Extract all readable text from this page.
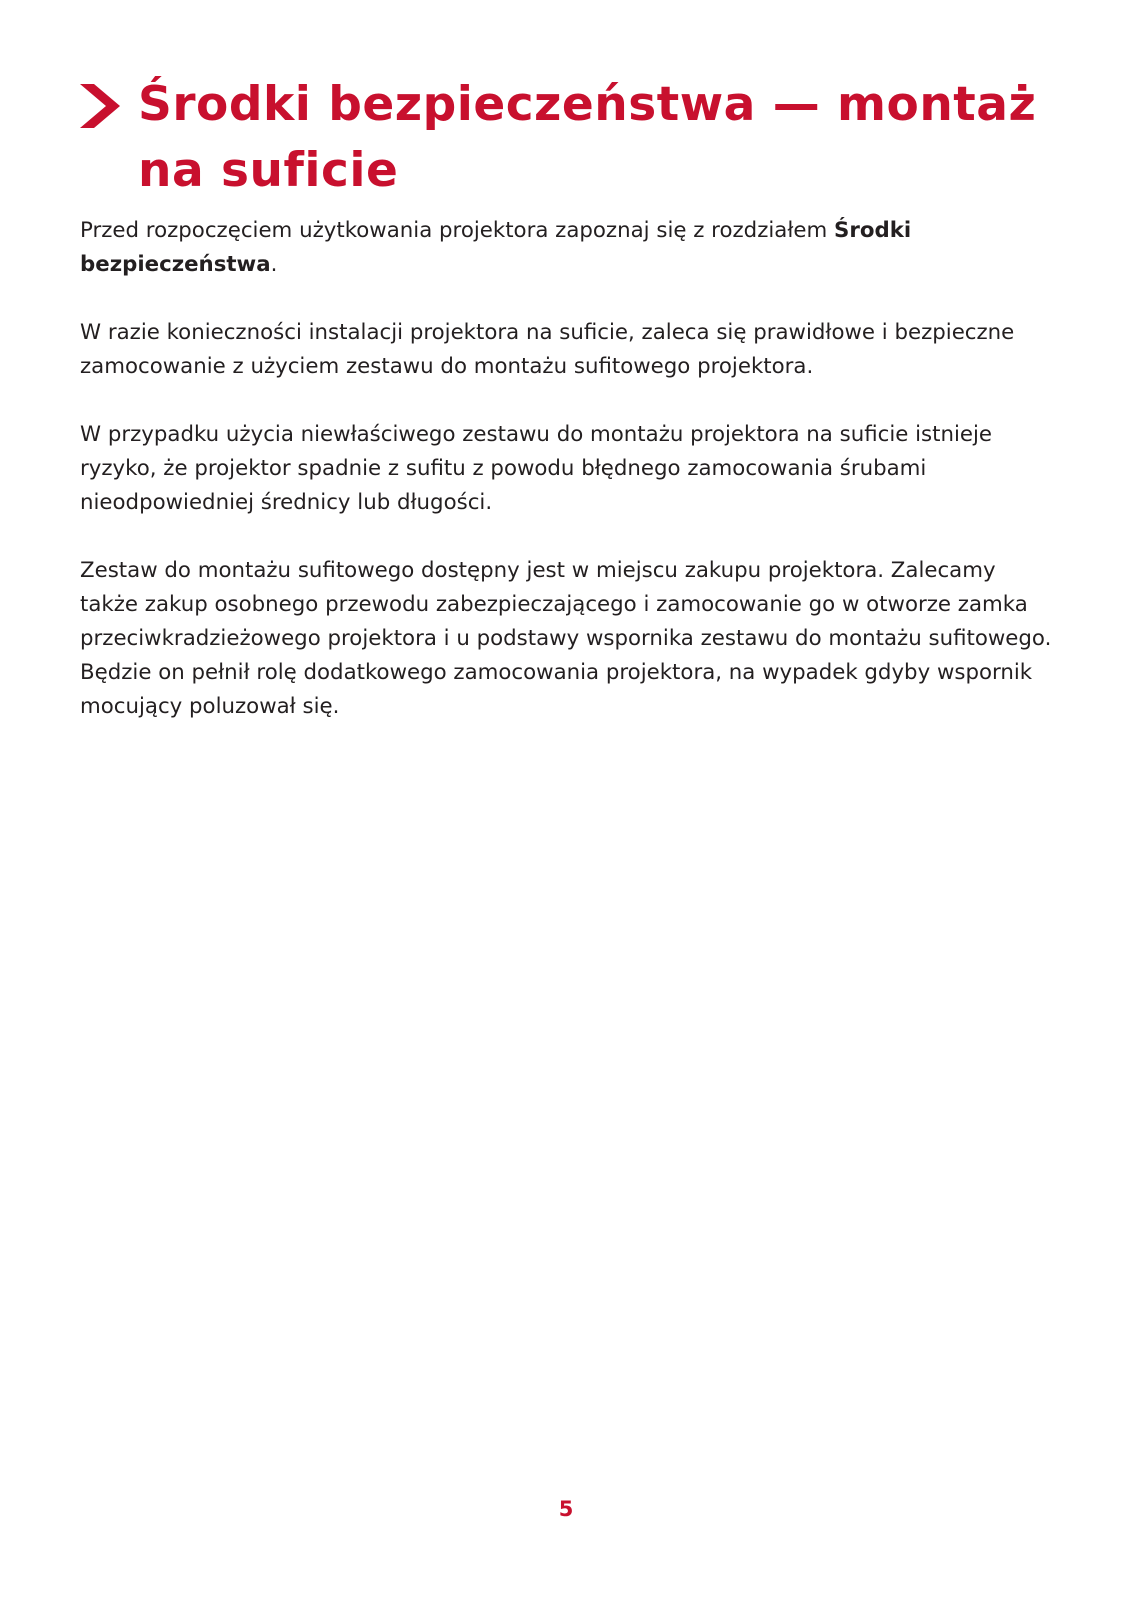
Środki bezpieczeństwa — montaż na suficie

Przed rozpoczęciem użytkowania projektora zapoznaj się z rozdziałem Środki bezpieczeństwa.

W razie konieczności instalacji projektora na suficie, zaleca się prawidłowe i bezpieczne zamocowanie z użyciem zestawu do montażu sufitowego projektora.

W przypadku użycia niewłaściwego zestawu do montażu projektora na suficie istnieje ryzyko, że projektor spadnie z sufitu z powodu błędnego zamocowania śrubami nieodpowiedniej średnicy lub długości.

Zestaw do montażu sufitowego dostępny jest w miejscu zakupu projektora. Zalecamy także zakup osobnego przewodu zabezpieczającego i zamocowanie go w otworze zamka przeciwkradzieżowego projektora i u podstawy wspornika zestawu do montażu sufitowego. Będzie on pełnił rolę dodatkowego zamocowania projektora, na wypadek gdyby wspornik mocujący poluzował się.

5
